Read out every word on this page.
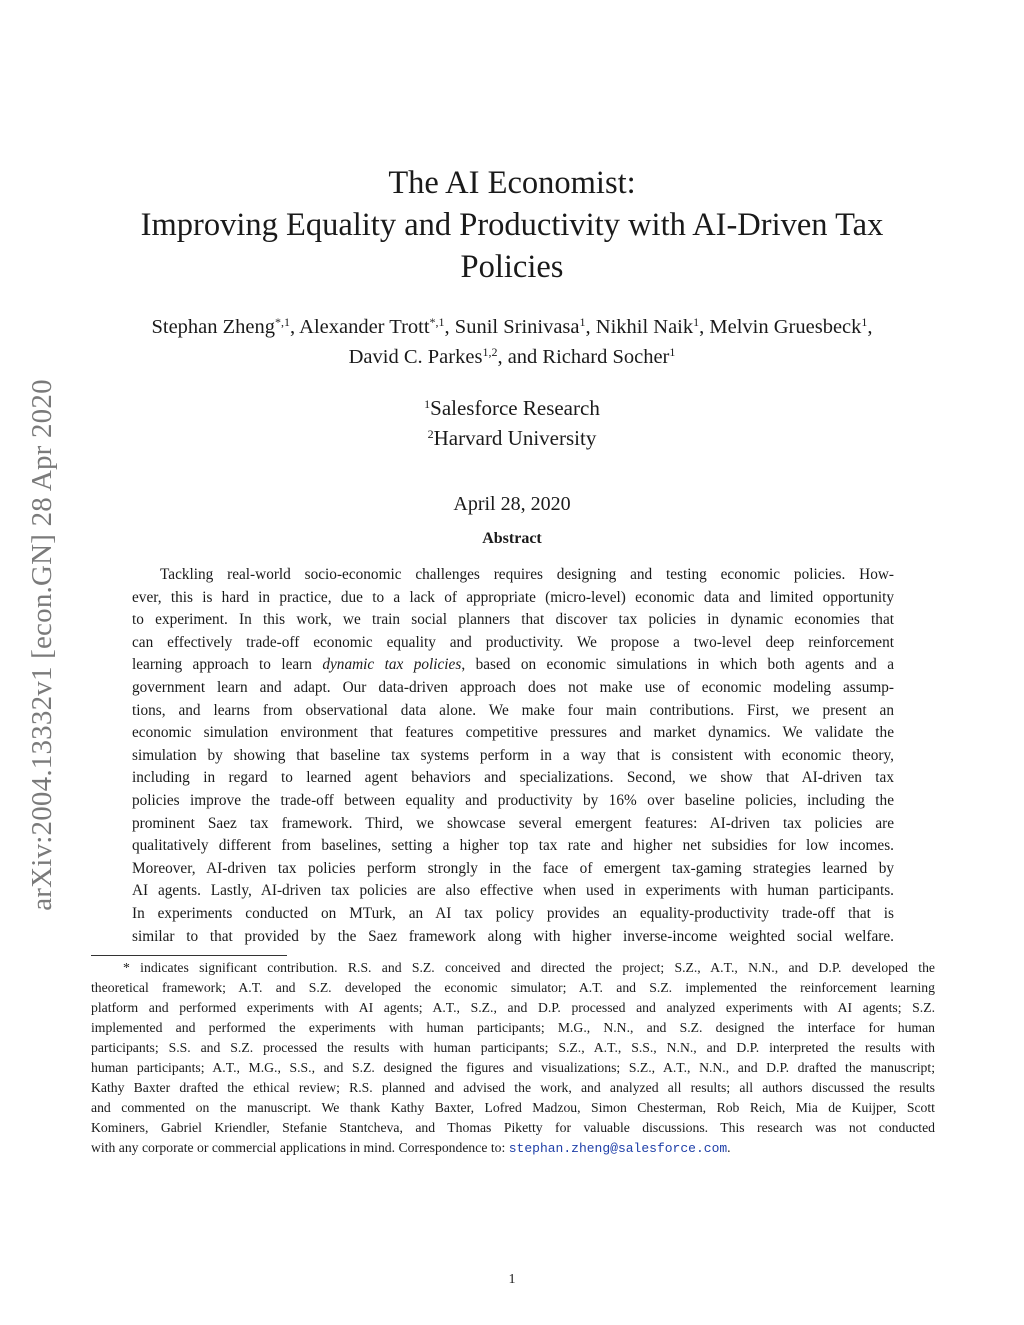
arXiv:2004.13332v1 [econ.GN] 28 Apr 2020
The AI Economist:
Improving Equality and Productivity with AI-Driven Tax
Policies
Stephan Zheng$^{*,1}$, Alexander Trott$^{*,1}$, Sunil Srinivasa$^1$, Nikhil Naik$^1$, Melvin Gruesbeck$^1$,
David C. Parkes$^{1,2}$, and Richard Socher$^1$
$^1$Salesforce Research
$^2$Harvard University
April 28, 2020
Abstract
Tackling real-world socio-economic challenges requires designing and testing economic policies. How-
ever, this is hard in practice, due to a lack of appropriate (micro-level) economic data and limited opportunity
to experiment. In this work, we train social planners that discover tax policies in dynamic economies that
can effectively trade-off economic equality and productivity. We propose a two-level deep reinforcement
learning approach to learn dynamic tax policies, based on economic simulations in which both agents and a
government learn and adapt. Our data-driven approach does not make use of economic modeling assump-
tions, and learns from observational data alone. We make four main contributions. First, we present an
economic simulation environment that features competitive pressures and market dynamics. We validate the
simulation by showing that baseline tax systems perform in a way that is consistent with economic theory,
including in regard to learned agent behaviors and specializations. Second, we show that AI-driven tax
policies improve the trade-off between equality and productivity by 16% over baseline policies, including the
prominent Saez tax framework. Third, we showcase several emergent features: AI-driven tax policies are
qualitatively different from baselines, setting a higher top tax rate and higher net subsidies for low incomes.
Moreover, AI-driven tax policies perform strongly in the face of emergent tax-gaming strategies learned by
AI agents. Lastly, AI-driven tax policies are also effective when used in experiments with human participants.
In experiments conducted on MTurk, an AI tax policy provides an equality-productivity trade-off that is
similar to that provided by the Saez framework along with higher inverse-income weighted social welfare.
* indicates significant contribution. R.S. and S.Z. conceived and directed the project; S.Z., A.T., N.N., and D.P. developed the
theoretical framework; A.T. and S.Z. developed the economic simulator; A.T. and S.Z. implemented the reinforcement learning
platform and performed experiments with AI agents; A.T., S.Z., and D.P. processed and analyzed experiments with AI agents; S.Z.
implemented and performed the experiments with human participants; M.G., N.N., and S.Z. designed the interface for human
participants; S.S. and S.Z. processed the results with human participants; S.Z., A.T., S.S., N.N., and D.P. interpreted the results with
human participants; A.T., M.G., S.S., and S.Z. designed the figures and visualizations; S.Z., A.T., N.N., and D.P. drafted the manuscript;
Kathy Baxter drafted the ethical review; R.S. planned and advised the work, and analyzed all results; all authors discussed the results
and commented on the manuscript. We thank Kathy Baxter, Lofred Madzou, Simon Chesterman, Rob Reich, Mia de Kuijper, Scott
Kominers, Gabriel Kriendler, Stefanie Stantcheva, and Thomas Piketty for valuable discussions. This research was not conducted
with any corporate or commercial applications in mind. Correspondence to: stephan.zheng@salesforce.com.
1
